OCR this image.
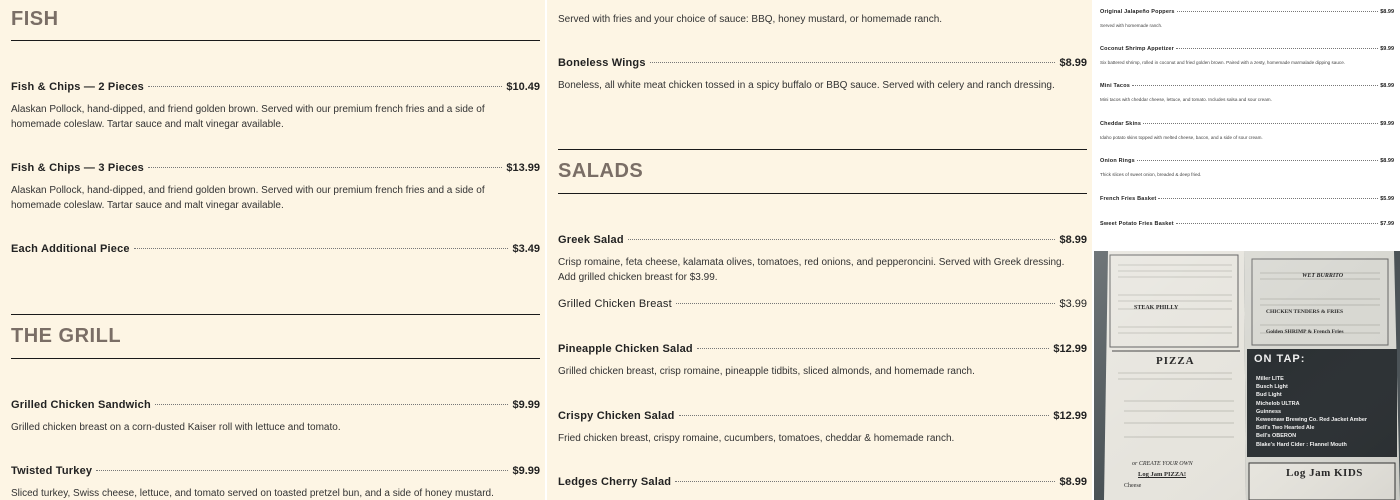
FISH
Fish & Chips — 2 Pieces	$10.49
Alaskan Pollock, hand-dipped, and friend golden brown. Served with our premium french fries and a side of homemade coleslaw. Tartar sauce and malt vinegar available.
Fish & Chips — 3 Pieces	$13.99
Alaskan Pollock, hand-dipped, and friend golden brown. Served with our premium french fries and a side of homemade coleslaw. Tartar sauce and malt vinegar available.
Each Additional Piece	$3.49
THE GRILL
Grilled Chicken Sandwich	$9.99
Grilled chicken breast on a corn-dusted Kaiser roll with lettuce and tomato.
Twisted Turkey	$9.99
Sliced turkey, Swiss cheese, lettuce, and tomato served on toasted pretzel bun, and a side of honey mustard.
Served with fries and your choice of sauce: BBQ, honey mustard, or homemade ranch.
Boneless Wings	$8.99
Boneless, all white meat chicken tossed in a spicy buffalo or BBQ sauce. Served with celery and ranch dressing.
SALADS
Greek Salad	$8.99
Crisp romaine, feta cheese, kalamata olives, tomatoes, red onions, and pepperoncini. Served with Greek dressing. Add grilled chicken breast for $3.99.
Grilled Chicken Breast	$3.99
Pineapple Chicken Salad	$12.99
Grilled chicken breast, crisp romaine, pineapple tidbits, sliced almonds, and homemade ranch.
Crispy Chicken Salad	$12.99
Fried chicken breast, crispy romaine, cucumbers, tomatoes, cheddar & homemade ranch.
Ledges Cherry Salad	$8.99
Original Jalapeño Poppers	$8.99
Served with homemade ranch.
Coconut Shrimp Appetizer	$9.99
Six battered shrimp, rolled in coconut and fried golden brown. Paired with a zesty, homemade marmalade dipping sauce.
Mini Tacos	$8.99
Mini tacos with cheddar cheese, lettuce, and tomato. Includes salsa and sour cream.
Cheddar Skins	$9.99
Idaho potato skins topped with melted cheese, bacon, and a side of sour cream.
Onion Rings	$8.99
Thick slices of sweet onion, breaded & deep fried.
French Fries Basket	$5.99
Sweet Potato Fries Basket	$7.99
STEAK PHILLY
WET BURRITO
CHICKEN TENDERS & FRIES
Golden SHRIMP & French Fries
PIZZA
or CREATE YOUR OWN
Log Jam PIZZA!
Cheese
ON TAP:
Miller LITE
Busch Light
Bud Light
Michelob ULTRA
Guinness
Keweenaw Brewing Co. Red Jacket Amber
Bell's Two Hearted Ale
Bell's OBERON
Blake's Hard Cider : Flannel Mouth
Log Jam KIDS
